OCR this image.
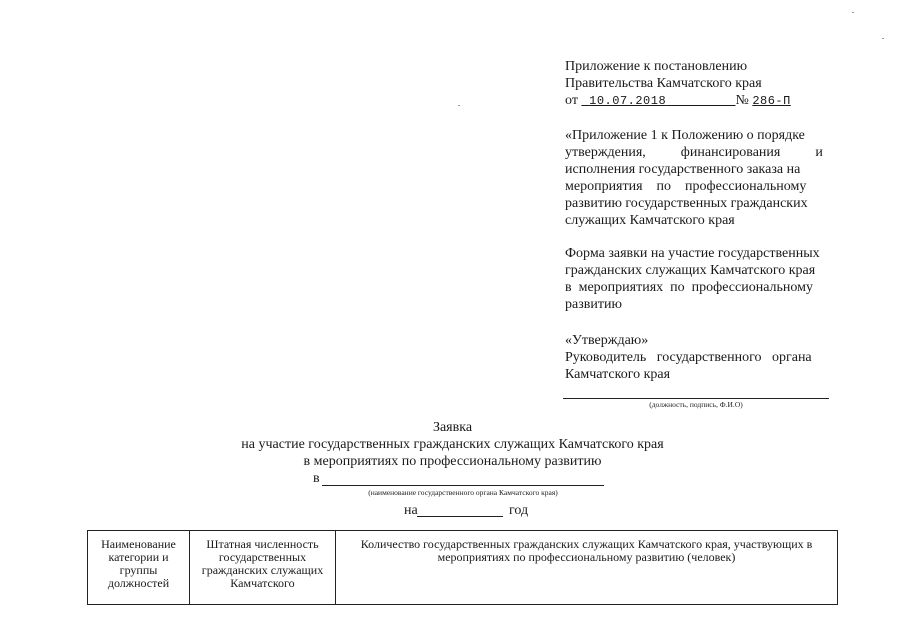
Приложение к постановлению
Правительства Камчатского края
от 10.07.2018	№ 286-П
«Приложение 1 к Положению о порядке
утверждения,          финансирования          и
исполнения государственного заказа на
мероприятия    по    профессиональному
развитию государственных гражданских
служащих Камчатского края
Форма заявки на участие государственных
гражданских служащих Камчатского края
в  мероприятиях  по  профессиональному
развитию
«Утверждаю»
Руководитель   государственного   органа
Камчатского края
(должность, подпись, Ф.И.О)
Заявка
на участие государственных гражданских служащих Камчатского края
в мероприятиях по профессиональному развитию
в
(наименование государственного органа Камчатского края)
на	год
Наименование категории и группы должностей	Штатная численность государственных гражданских служащих Камчатского	Количество государственных гражданских служащих Камчатского края, участвующих в мероприятиях по профессиональному развитию (человек)
